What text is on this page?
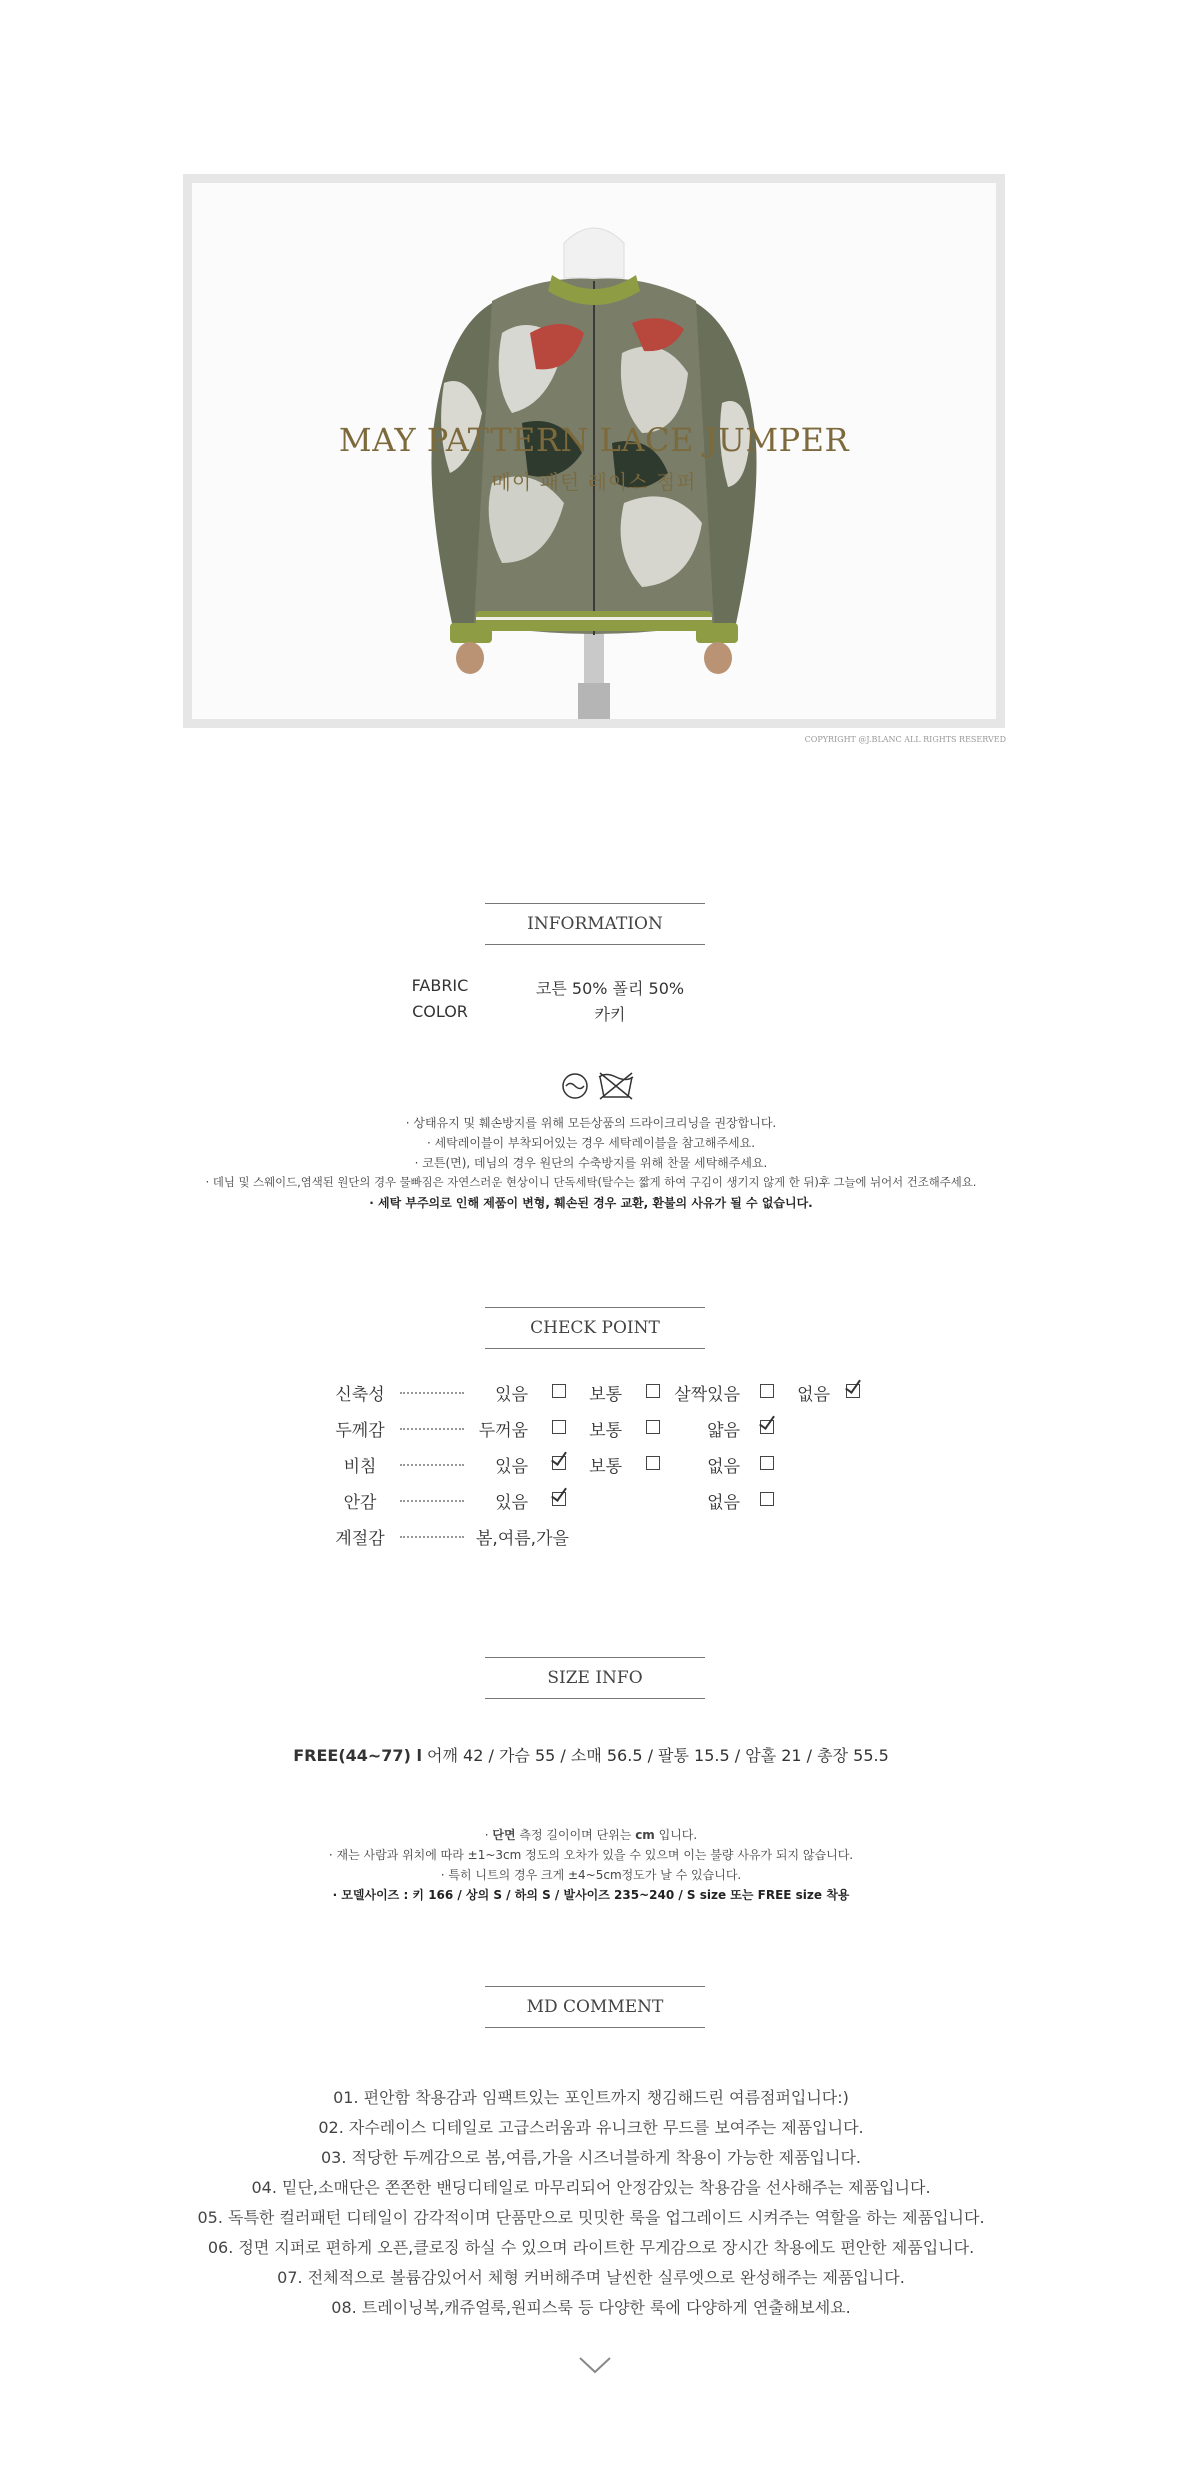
MAY PATTERN LACE JUMPER
메이 패턴 레이스 점퍼
COPYRIGHT @J.BLANC ALL RIGHTS RESERVED
INFORMATION
FABRIC	코튼 50% 폴리 50%
COLOR	카키
· 상태유지 및 훼손방지를 위해 모든상품의 드라이크리닝을 권장합니다.
· 세탁레이블이 부착되어있는 경우 세탁레이블을 참고해주세요.
· 코튼(면), 데님의 경우 원단의 수축방지를 위해 찬물 세탁해주세요.
· 데님 및 스웨이드,염색된 원단의 경우 물빠짐은 자연스러운 현상이니 단독세탁(탈수는 짧게 하여 구김이 생기지 않게 한 뒤)후 그늘에 뉘어서 건조해주세요.
· 세탁 부주의로 인해 제품이 변형, 훼손된 경우 교환, 환불의 사유가 될 수 없습니다.
CHECK POINT
신축성	있음	보통	살짝있음	없음
두께감	두꺼움	보통	얇음
비침	있음	보통	없음
안감	있음	없음
계절감	봄,여름,가을
SIZE INFO
FREE(44~77) l 어깨 42 / 가슴 55 / 소매 56.5 / 팔통 15.5 / 암홀 21 / 총장 55.5
· 단면 측정 길이이며 단위는 cm 입니다.
· 재는 사람과 위치에 따라 ±1~3cm 정도의 오차가 있을 수 있으며 이는 불량 사유가 되지 않습니다.
· 특히 니트의 경우 크게 ±4~5cm정도가 날 수 있습니다.
· 모델사이즈 : 키 166 / 상의 S / 하의 S / 발사이즈 235~240 / S size 또는 FREE size 착용
MD COMMENT
01. 편안함 착용감과 임팩트있는 포인트까지 챙김해드린 여름점퍼입니다:)
02. 자수레이스 디테일로 고급스러움과 유니크한 무드를 보여주는 제품입니다.
03. 적당한 두께감으로 봄,여름,가을 시즈너블하게 착용이 가능한 제품입니다.
04. 밑단,소매단은 쫀쫀한 밴딩디테일로 마무리되어 안정감있는 착용감을 선사해주는 제품입니다.
05. 독특한 컬러패턴 디테일이 감각적이며 단품만으로 밋밋한 룩을 업그레이드 시켜주는 역할을 하는 제품입니다.
06. 정면 지퍼로 편하게 오픈,클로징 하실 수 있으며 라이트한 무게감으로 장시간 착용에도 편안한 제품입니다.
07. 전체적으로 볼륨감있어서 체형 커버해주며 날씬한 실루엣으로 완성해주는 제품입니다.
08. 트레이닝복,캐쥬얼룩,원피스룩 등 다양한 룩에 다양하게 연출해보세요.
